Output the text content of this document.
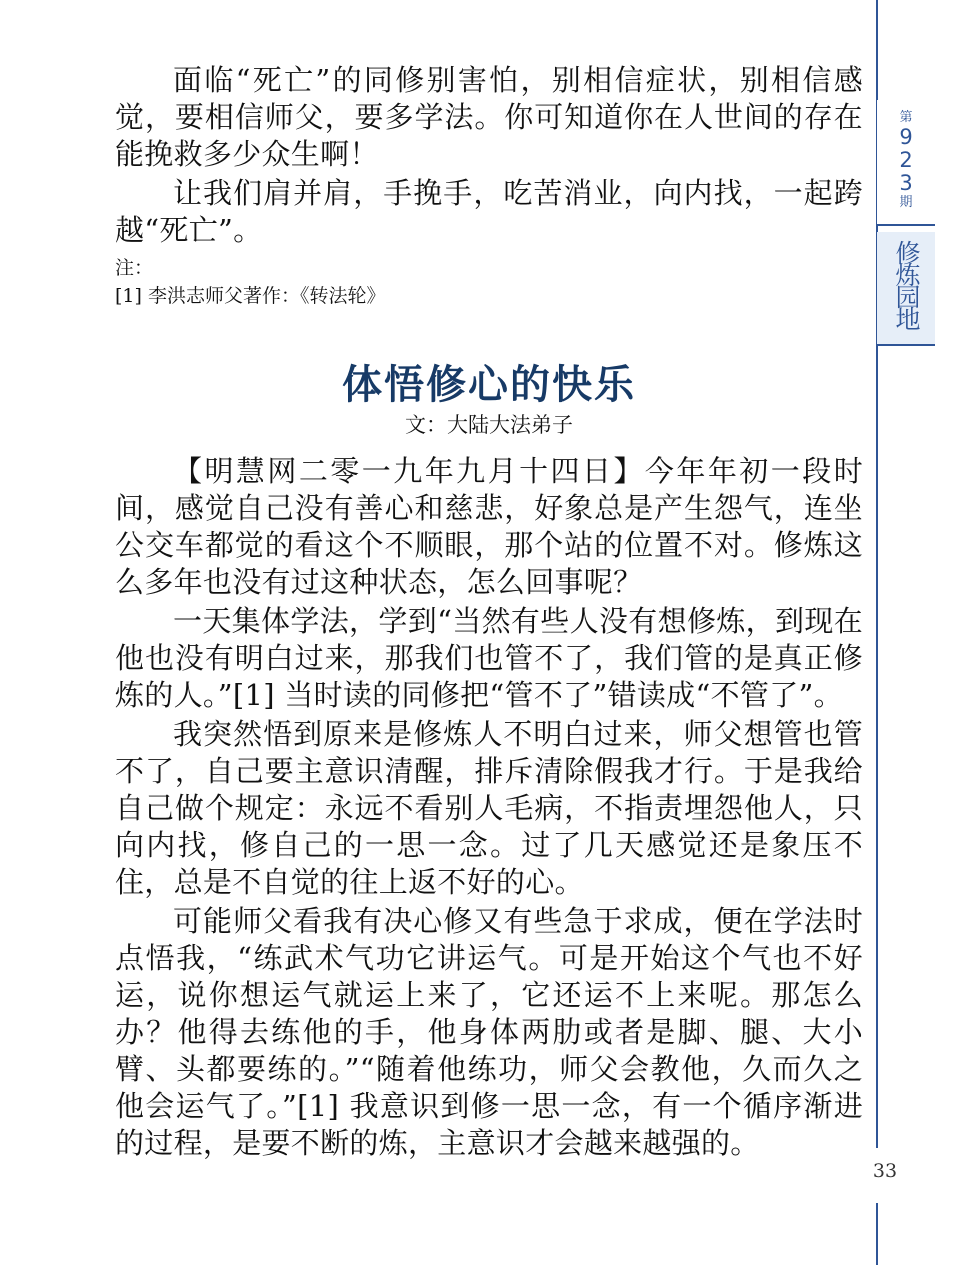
第
9
2
3
期
修炼园地

面临“死亡”的同修别害怕，别相信症状，别相信感觉，要相信师父，要多学法。你可知道你在人世间的存在能挽救多少众生啊！

让我们肩并肩，手挽手，吃苦消业，向内找，一起跨越“死亡”。

注：

[1] 李洪志师父著作：《转法轮》

体悟修心的快乐
文：大陆大法弟子

【明慧网二零一九年九月十四日】今年年初一段时间，感觉自己没有善心和慈悲，好象总是产生怨气，连坐公交车都觉的看这个不顺眼，那个站的位置不对。修炼这么多年也没有过这种状态，怎么回事呢？

一天集体学法，学到“当然有些人没有想修炼，到现在他也没有明白过来，那我们也管不了，我们管的是真正修炼的人。”[1] 当时读的同修把“管不了”错读成“不管了”。

我突然悟到原来是修炼人不明白过来，师父想管也管不了，自己要主意识清醒，排斥清除假我才行。于是我给自己做个规定：永远不看别人毛病，不指责埋怨他人，只向内找，修自己的一思一念。过了几天感觉还是象压不住，总是不自觉的往上返不好的心。

可能师父看我有决心修又有些急于求成，便在学法时点悟我，“练武术气功它讲运气。可是开始这个气也不好运，说你想运气就运上来了，它还运不上来呢。那怎么办？他得去练他的手，他身体两肋或者是脚、腿、大小臂、头都要练的。”“随着他练功，师父会教他，久而久之他会运气了。”[1] 我意识到修一思一念，有一个循序渐进的过程，是要不断的炼，主意识才会越来越强的。

33
